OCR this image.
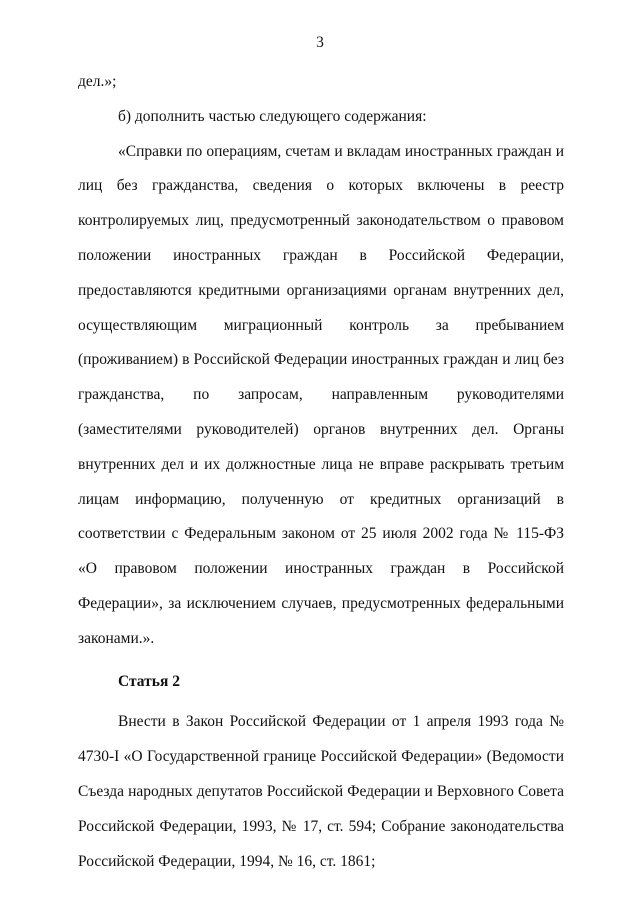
3

дел.»;

б) дополнить частью следующего содержания:

«Справки по операциям, счетам и вкладам иностранных граждан и лиц без гражданства, сведения о которых включены в реестр контролируемых лиц, предусмотренный законодательством о правовом положении иностранных граждан в Российской Федерации, предоставляются кредитными организациями органам внутренних дел, осуществляющим миграционный контроль за пребыванием (проживанием) в Российской Федерации иностранных граждан и лиц без гражданства, по запросам, направленным руководителями (заместителями руководителей) органов внутренних дел. Органы внутренних дел и их должностные лица не вправе раскрывать третьим лицам информацию, полученную от кредитных организаций в соответствии с Федеральным законом от 25 июля 2002 года № 115-ФЗ «О правовом положении иностранных граждан в Российской Федерации», за исключением случаев, предусмотренных федеральными законами.».

Статья 2

Внести в Закон Российской Федерации от 1 апреля 1993 года № 4730-I «О Государственной границе Российской Федерации» (Ведомости Съезда народных депутатов Российской Федерации и Верховного Совета Российской Федерации, 1993, № 17, ст. 594; Собрание законодательства Российской Федерации, 1994, № 16, ст. 1861;
